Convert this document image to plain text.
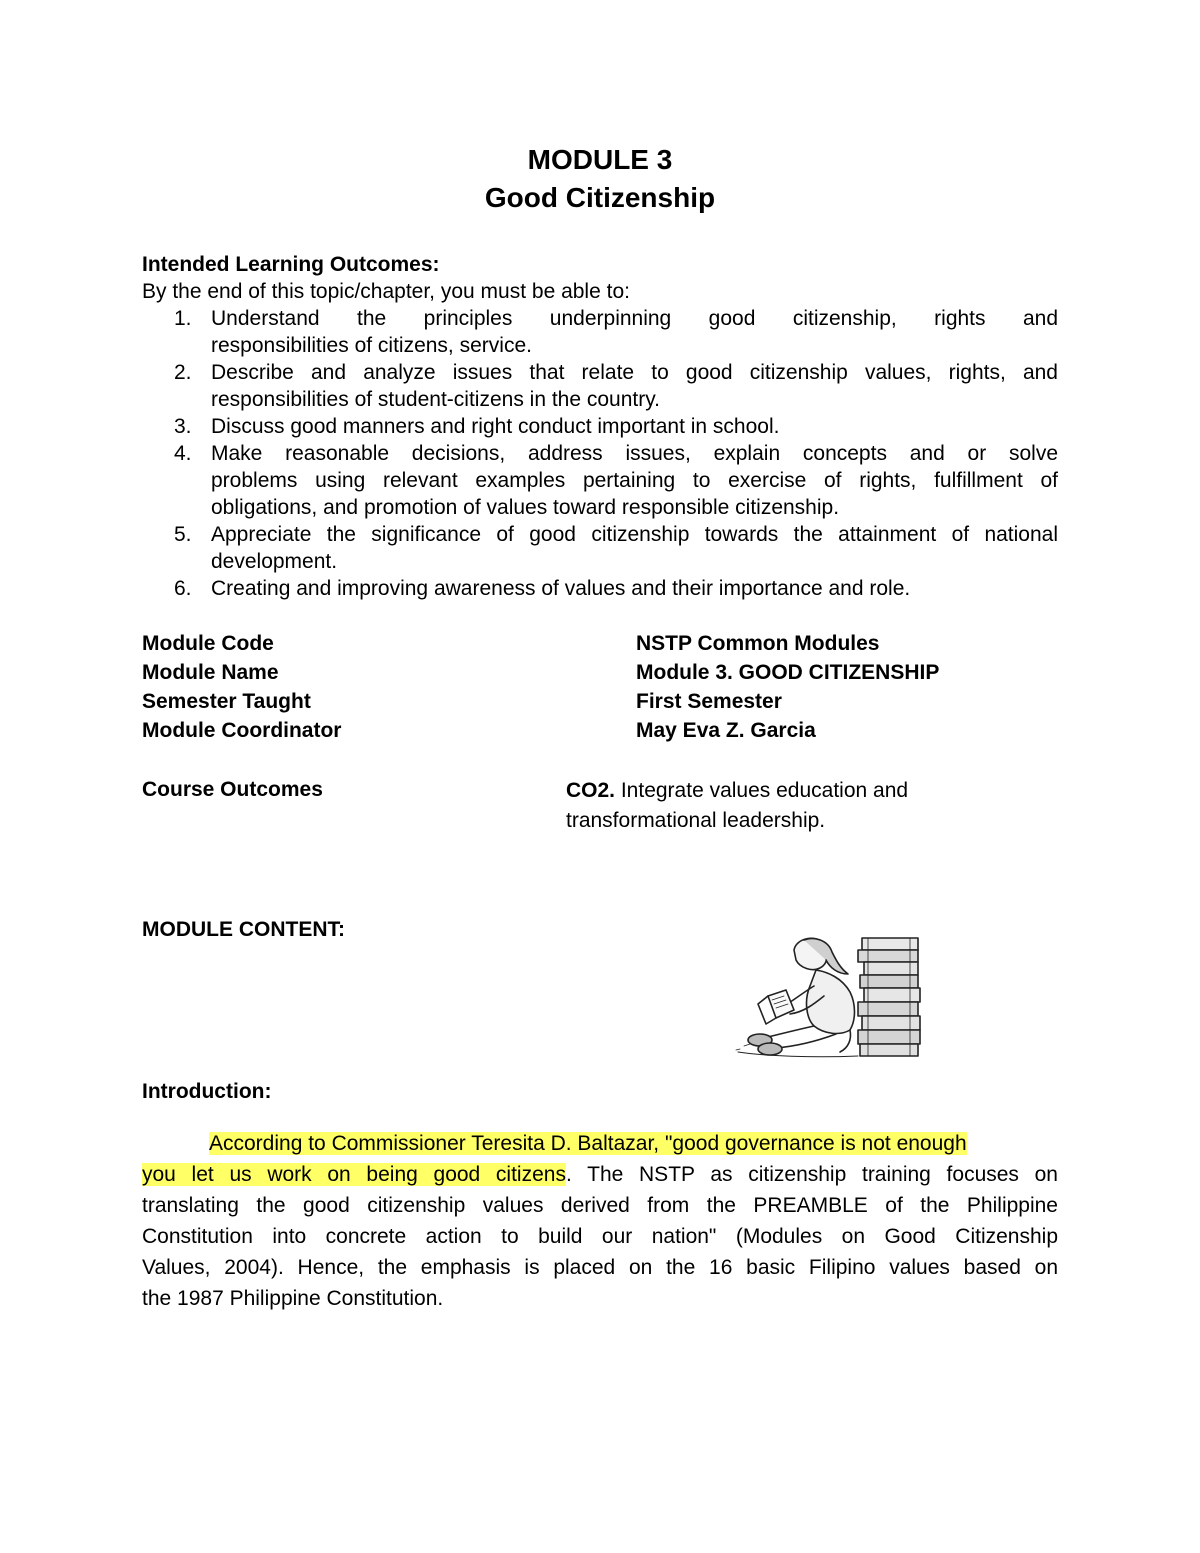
MODULE 3
Good Citizenship
Intended Learning Outcomes:
By the end of this topic/chapter, you must be able to:
1. Understand the principles underpinning good citizenship, rights and
responsibilities of citizens, service.
2. Describe and analyze issues that relate to good citizenship values, rights, and
responsibilities of student-citizens in the country.
3. Discuss good manners and right conduct important in school.
4. Make reasonable decisions, address issues, explain concepts and or solve
problems using relevant examples pertaining to exercise of rights, fulfillment of
obligations, and promotion of values toward responsible citizenship.
5. Appreciate the significance of good citizenship towards the attainment of national
development.
6. Creating and improving awareness of values and their importance and role.
Module Code	NSTP Common Modules
Module Name	Module 3. GOOD CITIZENSHIP
Semester Taught	First Semester
Module Coordinator	May Eva Z. Garcia
Course Outcomes	CO2. Integrate values education and
transformational leadership.
MODULE CONTENT:
Introduction:
According to Commissioner Teresita D. Baltazar, "good governance is not enough
you let us work on being good citizens. The NSTP as citizenship training focuses on
translating the good citizenship values derived from the PREAMBLE of the Philippine
Constitution into concrete action to build our nation" (Modules on Good Citizenship
Values, 2004). Hence, the emphasis is placed on the 16 basic Filipino values based on
the 1987 Philippine Constitution.
